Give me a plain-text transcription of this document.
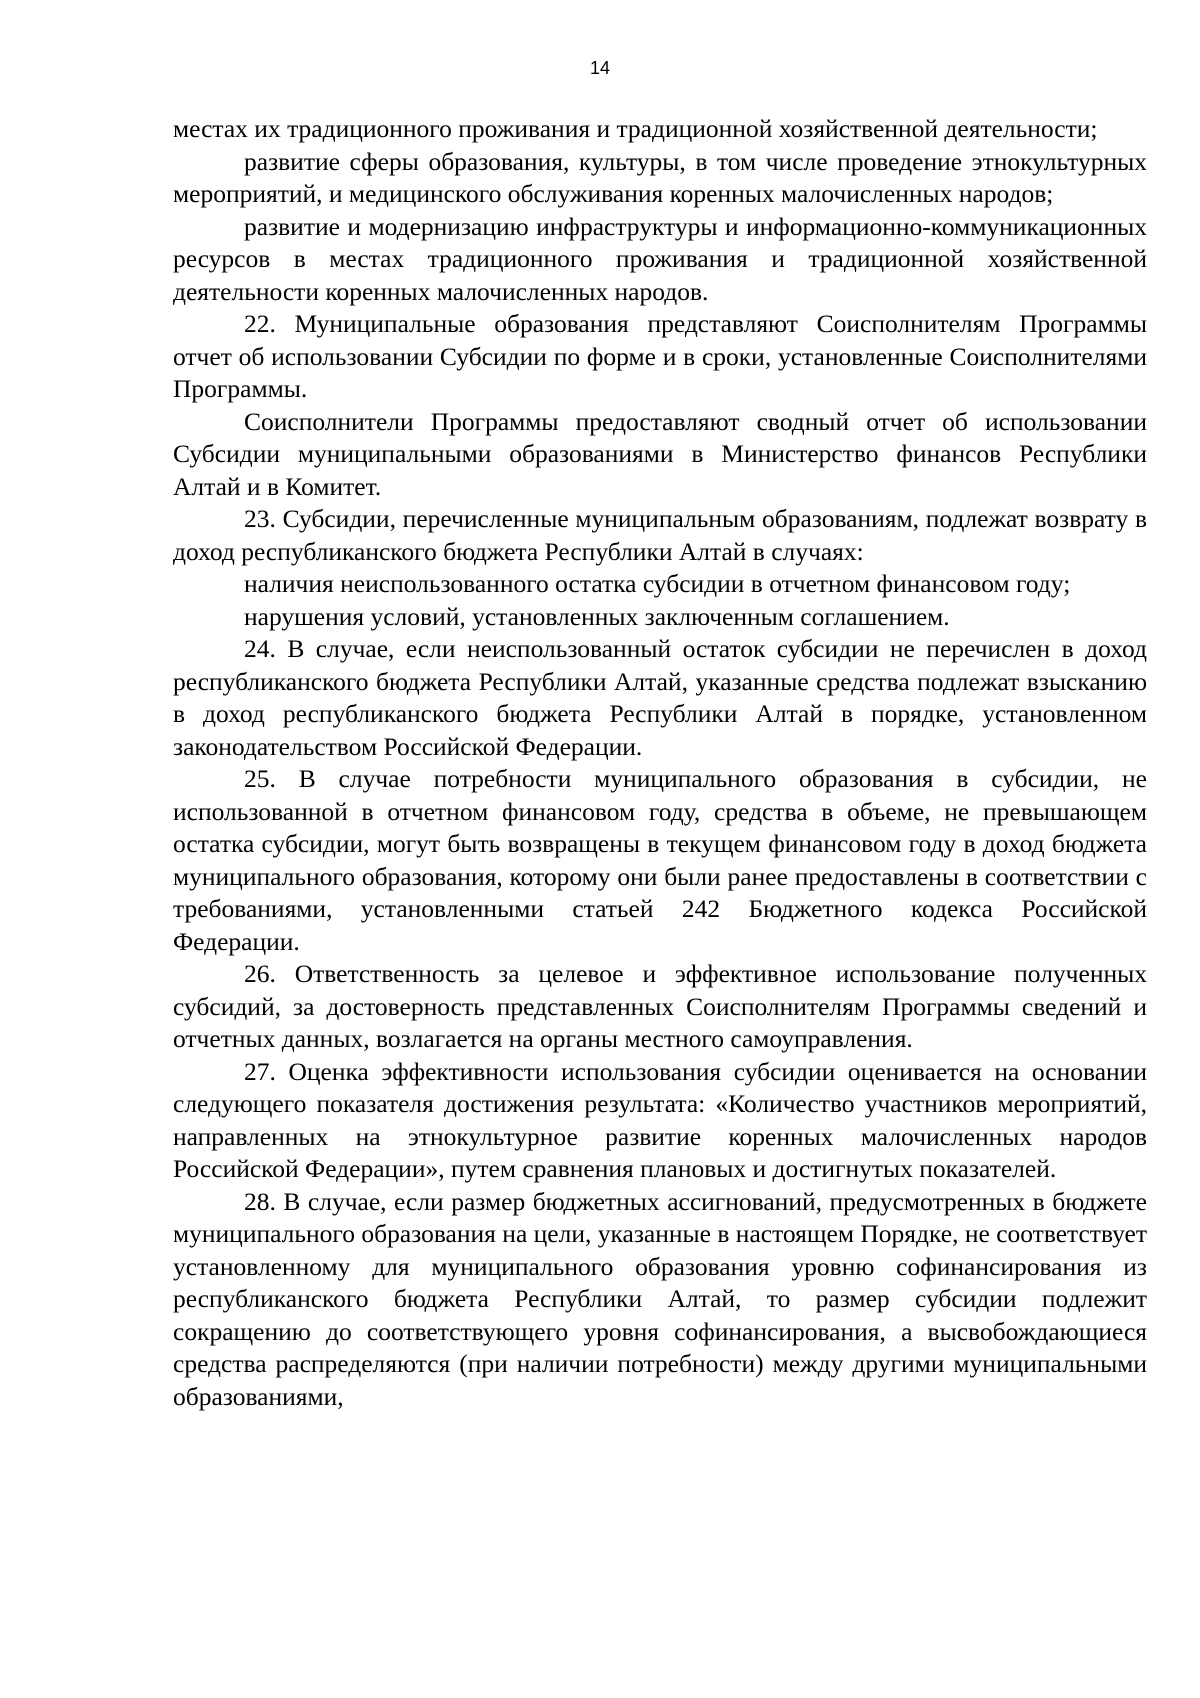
14

местах их традиционного проживания и традиционной хозяйственной деятельности;

развитие сферы образования, культуры, в том числе проведение этнокультурных мероприятий, и медицинского обслуживания коренных малочисленных народов;

развитие и модернизацию инфраструктуры и информационно-коммуникационных ресурсов в местах традиционного проживания и традиционной хозяйственной деятельности коренных малочисленных народов.

22. Муниципальные образования представляют Соисполнителям Программы отчет об использовании Субсидии по форме и в сроки, установленные Соисполнителями Программы.

Соисполнители Программы предоставляют сводный отчет об использовании Субсидии муниципальными образованиями в Министерство финансов Республики Алтай и в Комитет.

23. Субсидии, перечисленные муниципальным образованиям, подлежат возврату в доход республиканского бюджета Республики Алтай в случаях:

наличия неиспользованного остатка субсидии в отчетном финансовом году;

нарушения условий, установленных заключенным соглашением.

24. В случае, если неиспользованный остаток субсидии не перечислен в доход республиканского бюджета Республики Алтай, указанные средства подлежат взысканию в доход республиканского бюджета Республики Алтай в порядке, установленном законодательством Российской Федерации.

25. В случае потребности муниципального образования в субсидии, не использованной в отчетном финансовом году, средства в объеме, не превышающем остатка субсидии, могут быть возвращены в текущем финансовом году в доход бюджета муниципального образования, которому они были ранее предоставлены в соответствии с требованиями, установленными статьей 242 Бюджетного кодекса Российской Федерации.

26. Ответственность за целевое и эффективное использование полученных субсидий, за достоверность представленных Соисполнителям Программы сведений и отчетных данных, возлагается на органы местного самоуправления.

27. Оценка эффективности использования субсидии оценивается на основании следующего показателя достижения результата: «Количество участников мероприятий, направленных на этнокультурное развитие коренных малочисленных народов Российской Федерации», путем сравнения плановых и достигнутых показателей.

28. В случае, если размер бюджетных ассигнований, предусмотренных в бюджете муниципального образования на цели, указанные в настоящем Порядке, не соответствует установленному для муниципального образования уровню софинансирования из республиканского бюджета Республики Алтай, то размер субсидии подлежит сокращению до соответствующего уровня софинансирования, а высвобождающиеся средства распределяются (при наличии потребности) между другими муниципальными образованиями,
